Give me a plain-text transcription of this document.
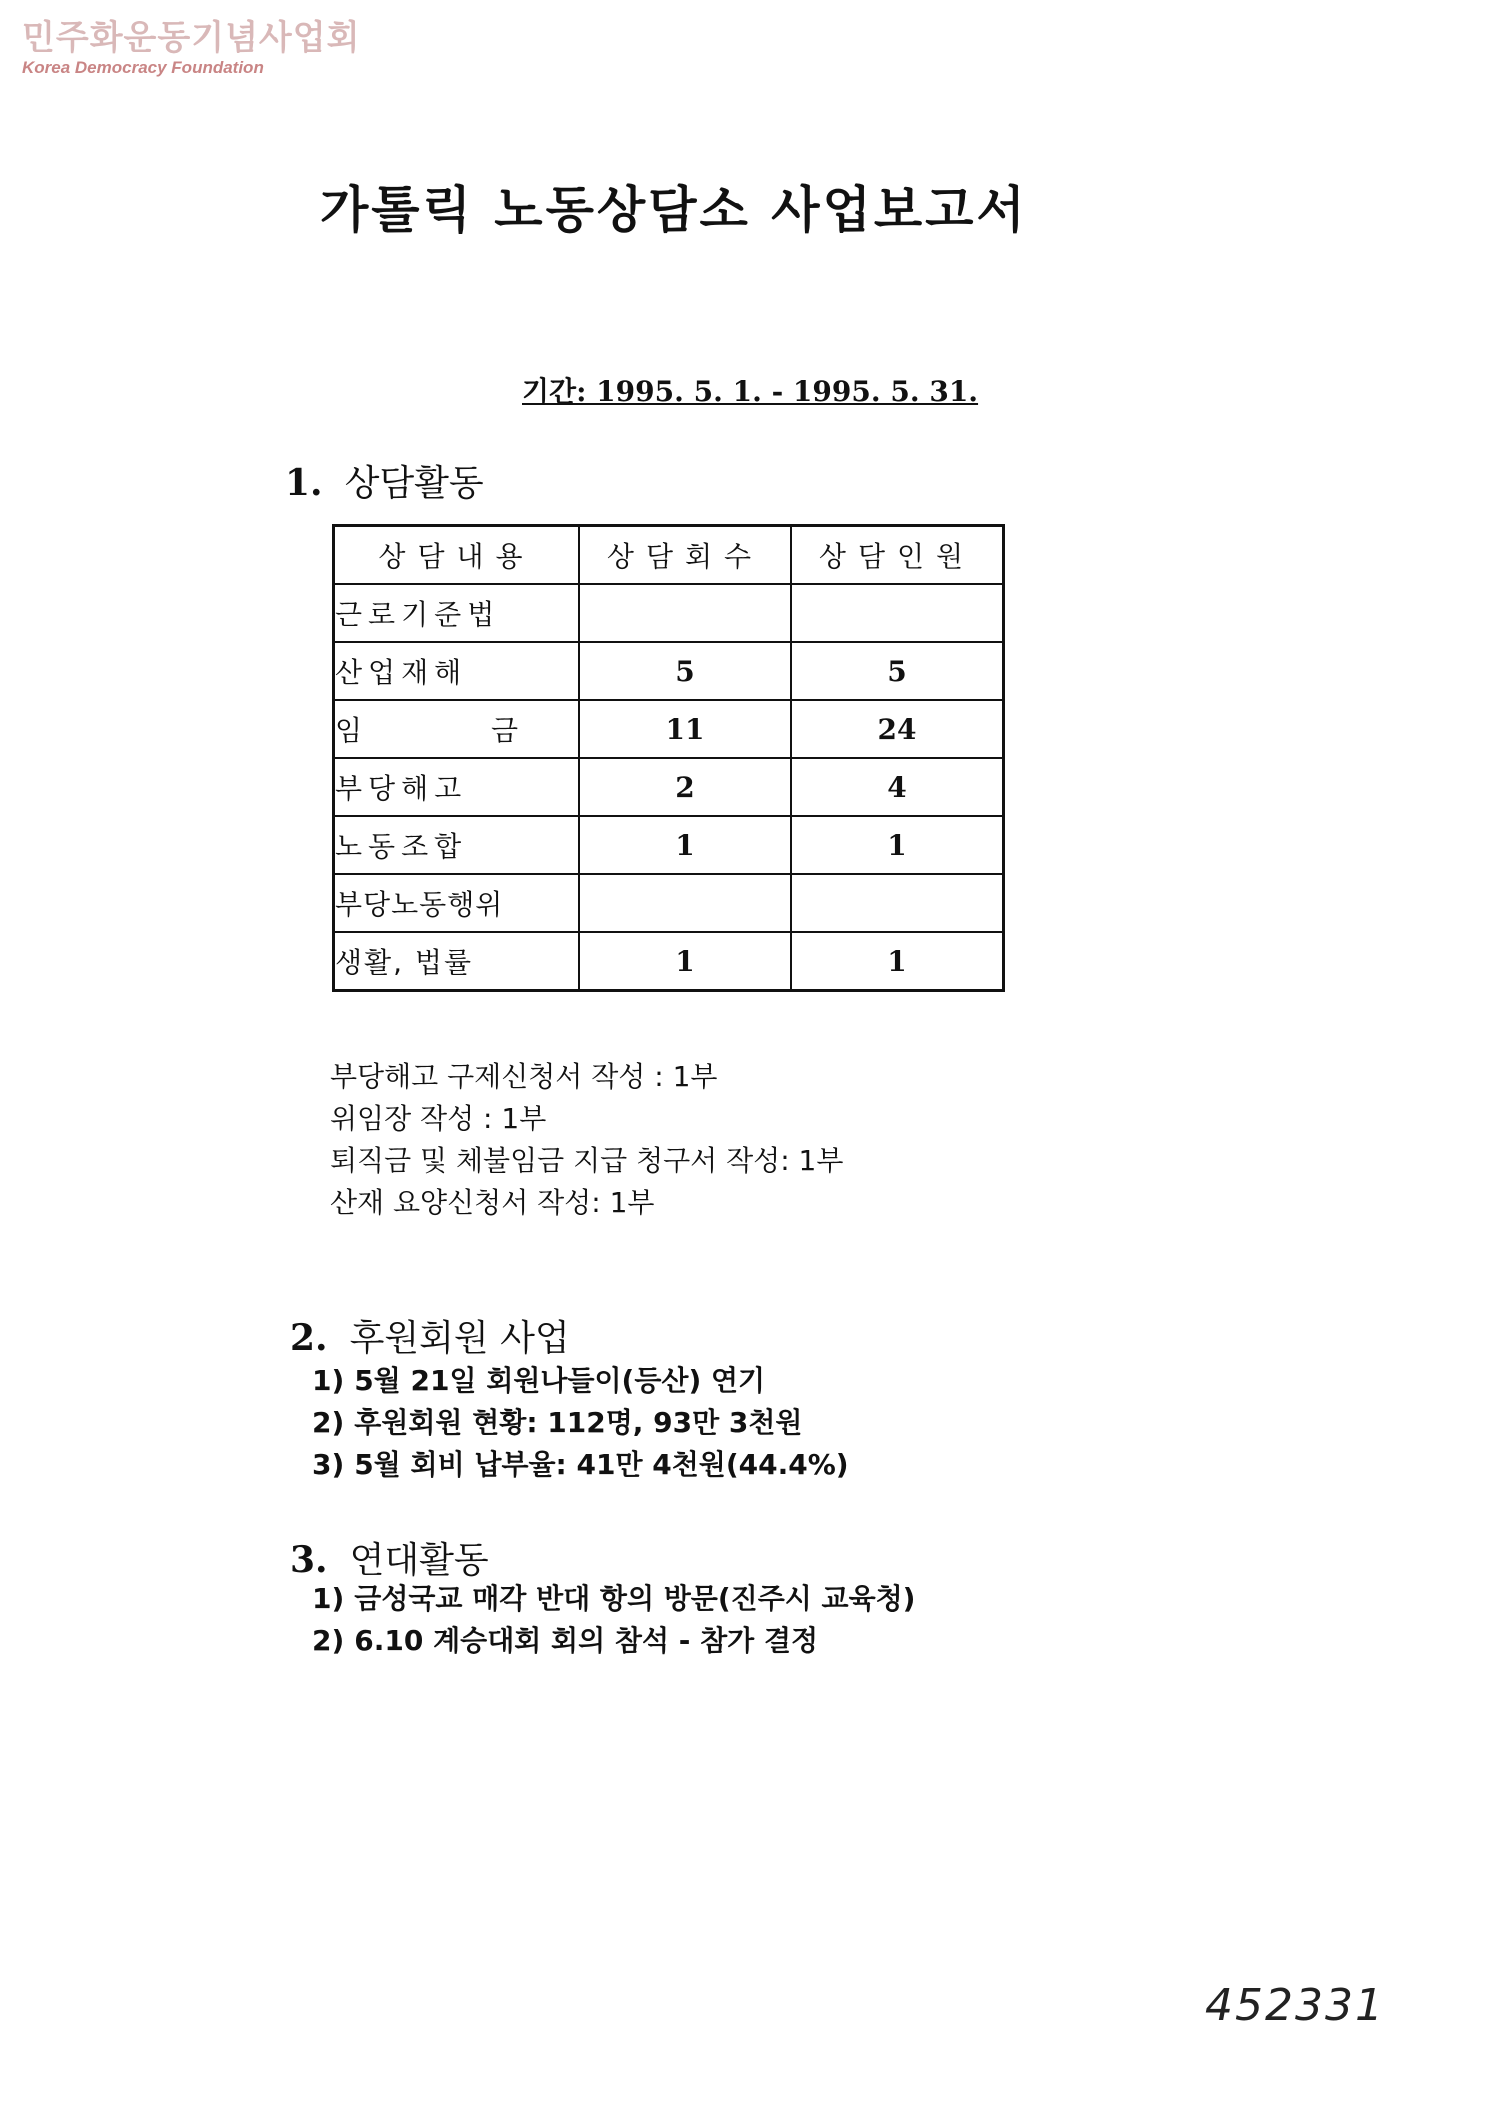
민주화운동기념사업회
Korea Democracy Foundation
가톨릭 노동상담소 사업보고서
기간: 1995. 5. 1. - 1995. 5. 31.
1. 상담활동
상담내용	상담회수	상담인원
근로기준법		
산업재해	5	5
임 금	11	24
부당해고	2	4
노동조합	1	1
부당노동행위		
생활, 법률	1	1
부당해고 구제신청서 작성 : 1부
위임장 작성 : 1부
퇴직금 및 체불임금 지급 청구서 작성: 1부
산재 요양신청서 작성: 1부
2. 후원회원 사업
1) 5월 21일 회원나들이(등산) 연기
2) 후원회원 현황: 112명, 93만 3천원
3) 5월 회비 납부율: 41만 4천원(44.4%)
3. 연대활동
1) 금성국교 매각 반대 항의 방문(진주시 교육청)
2) 6.10 계승대회 회의 참석 - 참가 결정
452331
